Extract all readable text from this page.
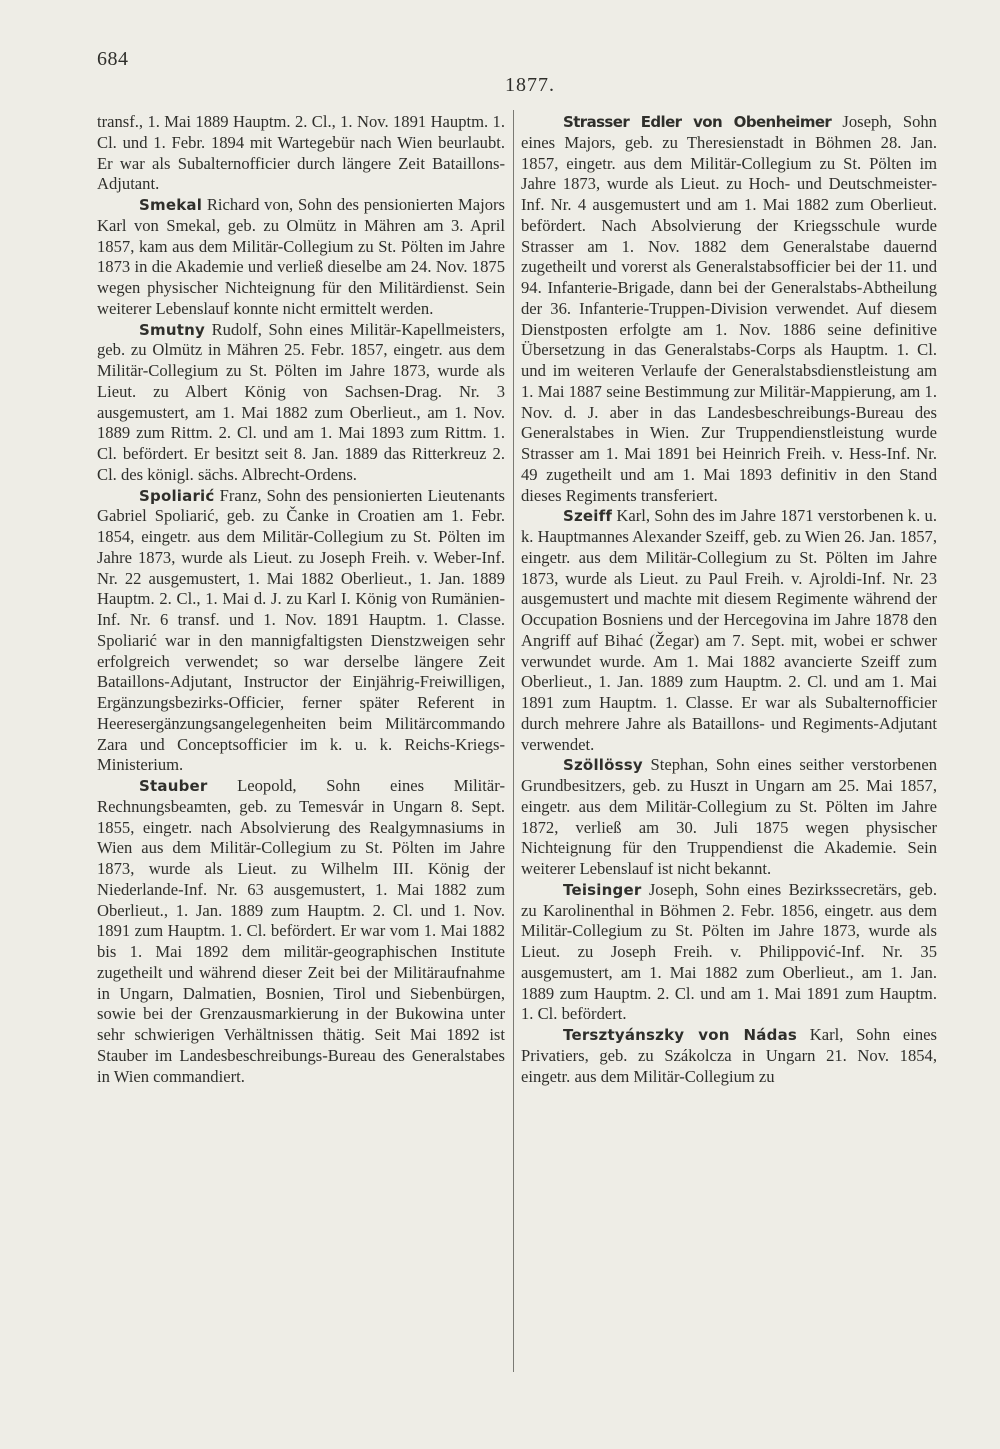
684
1877.

transf., 1. Mai 1889 Hauptm. 2. Cl., 1. Nov. 1891 Hauptm. 1. Cl. und 1. Febr. 1894 mit Wartegebür nach Wien beurlaubt. Er war als Subalternofficier durch längere Zeit Bataillons-Adjutant.

Smekal Richard von, Sohn des pensionierten Majors Karl von Smekal, geb. zu Olmütz in Mähren am 3. April 1857, kam aus dem Militär-Collegium zu St. Pölten im Jahre 1873 in die Akademie und verließ dieselbe am 24. Nov. 1875 wegen physischer Nichteignung für den Militärdienst. Sein weiterer Lebenslauf konnte nicht ermittelt werden.

Smutny Rudolf, Sohn eines Militär-Kapellmeisters, geb. zu Olmütz in Mähren 25. Febr. 1857, eingetr. aus dem Militär-Collegium zu St. Pölten im Jahre 1873, wurde als Lieut. zu Albert König von Sachsen-Drag. Nr. 3 ausgemustert, am 1. Mai 1882 zum Oberlieut., am 1. Nov. 1889 zum Rittm. 2. Cl. und am 1. Mai 1893 zum Rittm. 1. Cl. befördert. Er besitzt seit 8. Jan. 1889 das Ritterkreuz 2. Cl. des königl. sächs. Albrecht-Ordens.

Spoliarić Franz, Sohn des pensionierten Lieutenants Gabriel Spoliarić, geb. zu Čanke in Croatien am 1. Febr. 1854, eingetr. aus dem Militär-Collegium zu St. Pölten im Jahre 1873, wurde als Lieut. zu Joseph Freih. v. Weber-Inf. Nr. 22 ausgemustert, 1. Mai 1882 Oberlieut., 1. Jan. 1889 Hauptm. 2. Cl., 1. Mai d. J. zu Karl I. König von Rumänien-Inf. Nr. 6 transf. und 1. Nov. 1891 Hauptm. 1. Classe. Spoliarić war in den mannigfaltigsten Dienstzweigen sehr erfolgreich verwendet; so war derselbe längere Zeit Bataillons-Adjutant, Instructor der Einjährig-Freiwilligen, Ergänzungsbezirks-Officier, ferner später Referent in Heeresergänzungsangelegenheiten beim Militärcommando Zara und Conceptsofficier im k. u. k. Reichs-Kriegs-Ministerium.

Stauber Leopold, Sohn eines Militär-Rechnungsbeamten, geb. zu Temesvár in Ungarn 8. Sept. 1855, eingetr. nach Absolvierung des Realgymnasiums in Wien aus dem Militär-Collegium zu St. Pölten im Jahre 1873, wurde als Lieut. zu Wilhelm III. König der Niederlande-Inf. Nr. 63 ausgemustert, 1. Mai 1882 zum Oberlieut., 1. Jan. 1889 zum Hauptm. 2. Cl. und 1. Nov. 1891 zum Hauptm. 1. Cl. befördert. Er war vom 1. Mai 1882 bis 1. Mai 1892 dem militär-geographischen Institute zugetheilt und während dieser Zeit bei der Militäraufnahme in Ungarn, Dalmatien, Bosnien, Tirol und Siebenbürgen, sowie bei der Grenzausmarkierung in der Bukowina unter sehr schwierigen Verhältnissen thätig. Seit Mai 1892 ist Stauber im Landesbeschreibungs-Bureau des Generalstabes in Wien commandiert.

Strasser Edler von Obenheimer Joseph, Sohn eines Majors, geb. zu Theresienstadt in Böhmen 28. Jan. 1857, eingetr. aus dem Militär-Collegium zu St. Pölten im Jahre 1873, wurde als Lieut. zu Hoch- und Deutschmeister-Inf. Nr. 4 ausgemustert und am 1. Mai 1882 zum Oberlieut. befördert. Nach Absolvierung der Kriegsschule wurde Strasser am 1. Nov. 1882 dem Generalstabe dauernd zugetheilt und vorerst als Generalstabsofficier bei der 11. und 94. Infanterie-Brigade, dann bei der Generalstabs-Abtheilung der 36. Infanterie-Truppen-Division verwendet. Auf diesem Dienstposten erfolgte am 1. Nov. 1886 seine definitive Übersetzung in das Generalstabs-Corps als Hauptm. 1. Cl. und im weiteren Verlaufe der Generalstabsdienstleistung am 1. Mai 1887 seine Bestimmung zur Militär-Mappierung, am 1. Nov. d. J. aber in das Landesbeschreibungs-Bureau des Generalstabes in Wien. Zur Truppendienstleistung wurde Strasser am 1. Mai 1891 bei Heinrich Freih. v. Hess-Inf. Nr. 49 zugetheilt und am 1. Mai 1893 definitiv in den Stand dieses Regiments transferiert.

Szeiff Karl, Sohn des im Jahre 1871 verstorbenen k. u. k. Hauptmannes Alexander Szeiff, geb. zu Wien 26. Jan. 1857, eingetr. aus dem Militär-Collegium zu St. Pölten im Jahre 1873, wurde als Lieut. zu Paul Freih. v. Ajroldi-Inf. Nr. 23 ausgemustert und machte mit diesem Regimente während der Occupation Bosniens und der Hercegovina im Jahre 1878 den Angriff auf Bihać (Žegar) am 7. Sept. mit, wobei er schwer verwundet wurde. Am 1. Mai 1882 avancierte Szeiff zum Oberlieut., 1. Jan. 1889 zum Hauptm. 2. Cl. und am 1. Mai 1891 zum Hauptm. 1. Classe. Er war als Subalternofficier durch mehrere Jahre als Bataillons- und Regiments-Adjutant verwendet.

Szöllössy Stephan, Sohn eines seither verstorbenen Grundbesitzers, geb. zu Huszt in Ungarn am 25. Mai 1857, eingetr. aus dem Militär-Collegium zu St. Pölten im Jahre 1872, verließ am 30. Juli 1875 wegen physischer Nichteignung für den Truppendienst die Akademie. Sein weiterer Lebenslauf ist nicht bekannt.

Teisinger Joseph, Sohn eines Bezirkssecretärs, geb. zu Karolinenthal in Böhmen 2. Febr. 1856, eingetr. aus dem Militär-Collegium zu St. Pölten im Jahre 1873, wurde als Lieut. zu Joseph Freih. v. Philippović-Inf. Nr. 35 ausgemustert, am 1. Mai 1882 zum Oberlieut., am 1. Jan. 1889 zum Hauptm. 2. Cl. und am 1. Mai 1891 zum Hauptm. 1. Cl. befördert.

Tersztyánszky von Nádas Karl, Sohn eines Privatiers, geb. zu Szákolcza in Ungarn 21. Nov. 1854, eingetr. aus dem Militär-Collegium zu
